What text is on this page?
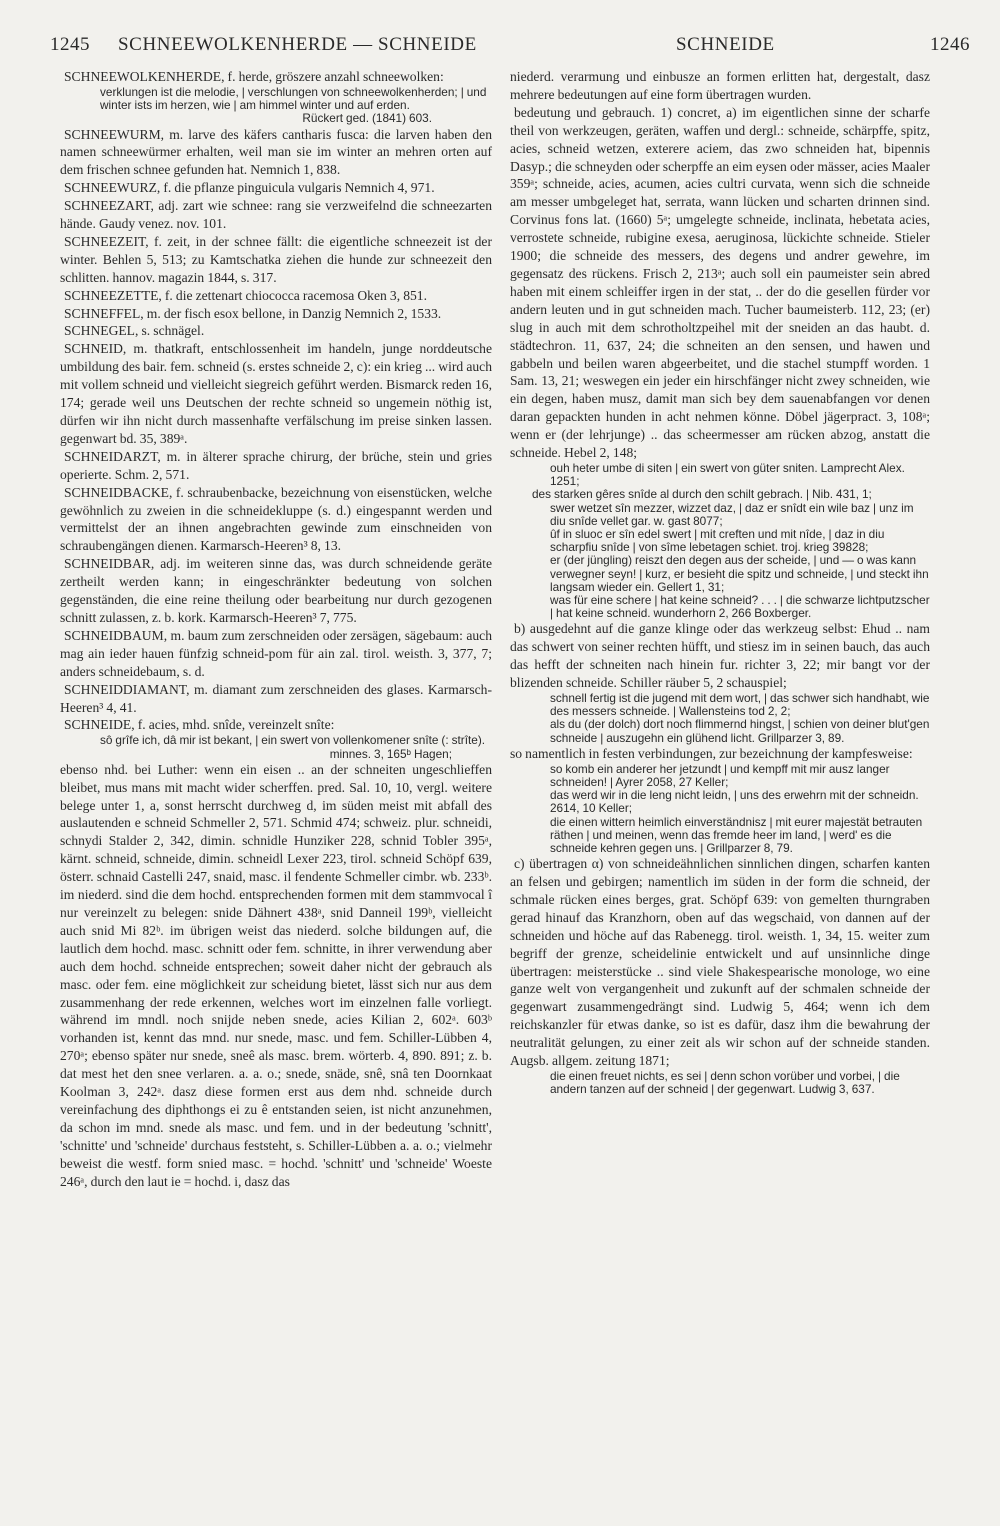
1245 SCHNEEWOLKENHERDE — SCHNEIDE	SCHNEIDE	1246

SCHNEEWOLKENHERDE, f. herde, gröszere anzahl schneewolken:

verklungen ist die melodie, | verschlungen von schneewolkenherden; | und winter ists im herzen, wie | am himmel winter und auf erden.

Rückert ged. (1841) 603.

SCHNEEWURM, m. larve des käfers cantharis fusca: die larven haben den namen schneewürmer erhalten, weil man sie im winter an mehren orten auf dem frischen schnee gefunden hat. Nemnich 1, 838.

SCHNEEWURZ, f. die pflanze pinguicula vulgaris Nemnich 4, 971.

SCHNEEZART, adj. zart wie schnee: rang sie verzweifelnd die schneezarten hände. Gaudy venez. nov. 101.

SCHNEEZEIT, f. zeit, in der schnee fällt: die eigentliche schneezeit ist der winter. Behlen 5, 513; zu Kamtschatka ziehen die hunde zur schneezeit den schlitten. hannov. magazin 1844, s. 317.

SCHNEEZETTE, f. die zettenart chiococca racemosa Oken 3, 851.

SCHNEFFEL, m. der fisch esox bellone, in Danzig Nemnich 2, 1533.

SCHNEGEL, s. schnägel.

SCHNEID, m. thatkraft, entschlossenheit im handeln, junge norddeutsche umbildung des bair. fem. schneid (s. erstes schneide 2, c): ein krieg ... wird auch mit vollem schneid und vielleicht siegreich geführt werden. Bismarck reden 16, 174; gerade weil uns Deutschen der rechte schneid so ungemein nöthig ist, dürfen wir ihn nicht durch massenhafte verfälschung im preise sinken lassen. gegenwart bd. 35, 389ᵃ.

SCHNEIDARZT, m. in älterer sprache chirurg, der brüche, stein und gries operierte. Schm. 2, 571.

SCHNEIDBACKE, f. schraubenbacke, bezeichnung von eisenstücken, welche gewöhnlich zu zweien in die schneidekluppe (s. d.) eingespannt werden und vermittelst der an ihnen angebrachten gewinde zum einschneiden von schraubengängen dienen. Karmarsch-Heeren³ 8, 13.

SCHNEIDBAR, adj. im weiteren sinne das, was durch schneidende geräte zertheilt werden kann; in eingeschränkter bedeutung von solchen gegenständen, die eine reine theilung oder bearbeitung nur durch gezogenen schnitt zulassen, z. b. kork. Karmarsch-Heeren³ 7, 775.

SCHNEIDBAUM, m. baum zum zerschneiden oder zersägen, sägebaum: auch mag ain ieder hauen fünfzig schneid-pom für ain zal. tirol. weisth. 3, 377, 7; anders schneidebaum, s. d.

SCHNEIDDIAMANT, m. diamant zum zerschneiden des glases. Karmarsch-Heeren³ 4, 41.

SCHNEIDE, f. acies, mhd. snîde, vereinzelt snîte:

sô grîfe ich, dâ mir ist bekant, | ein swert von vollenkomener snîte (: strîte).

minnes. 3, 165ᵇ Hagen;

ebenso nhd. bei Luther: wenn ein eisen .. an der schneiten ungeschlieffen bleibet, mus mans mit macht wider scherffen. pred. Sal. 10, 10, vergl. weitere belege unter 1, a, sonst herrscht durchweg d, im süden meist mit abfall des auslautenden e schneid Schmeller 2, 571. Schmid 474; schweiz. plur. schneidi, schnydi Stalder 2, 342, dimin. schnidle Hunziker 228, schnid Tobler 395ᵃ, kärnt. schneid, schneide, dimin. schneidl Lexer 223, tirol. schneid Schöpf 639, österr. schnaid Castelli 247, snaid, masc. il fendente Schmeller cimbr. wb. 233ᵇ. im niederd. sind die dem hochd. entsprechenden formen mit dem stammvocal î nur vereinzelt zu belegen: snide Dähnert 438ᵃ, snid Danneil 199ᵇ, vielleicht auch snid Mi 82ᵇ. im übrigen weist das niederd. solche bildungen auf, die lautlich dem hochd. masc. schnitt oder fem. schnitte, in ihrer verwendung aber auch dem hochd. schneide entsprechen; soweit daher nicht der gebrauch als masc. oder fem. eine möglichkeit zur scheidung bietet, lässt sich nur aus dem zusammenhang der rede erkennen, welches wort im einzelnen falle vorliegt. während im mndl. noch snijde neben snede, acies Kilian 2, 602ᵃ. 603ᵇ vorhanden ist, kennt das mnd. nur snede, masc. und fem. Schiller-Lübben 4, 270ᵃ; ebenso später nur snede, sneê als masc. brem. wörterb. 4, 890. 891; z. b. dat mest het den snee verlaren. a. a. o.; snede, snäde, snê, snâ ten Doornkaat Koolman 3, 242ᵃ. dasz diese formen erst aus dem nhd. schneide durch vereinfachung des diphthongs ei zu ê entstanden seien, ist nicht anzunehmen, da schon im mnd. snede als masc. und fem. und in der bedeutung 'schnitt', 'schnitte' und 'schneide' durchaus feststeht, s. Schiller-Lübben a. a. o.; vielmehr beweist die westf. form snied masc. = hochd. 'schnitt' und 'schneide' Woeste 246ᵃ, durch den laut ie = hochd. i, dasz das

niederd. verarmung und einbusze an formen erlitten hat, dergestalt, dasz mehrere bedeutungen auf eine form übertragen wurden.

bedeutung und gebrauch. 1) concret, a) im eigentlichen sinne der scharfe theil von werkzeugen, geräten, waffen und dergl.: schneide, schärpffe, spitz, acies, schneid wetzen, exterere aciem, das zwo schneiden hat, bipennis Dasyp.; die schneyden oder scherpffe an eim eysen oder mässer, acies Maaler 359ᵃ; schneide, acies, acumen, acies cultri curvata, wenn sich die schneide am messer umbgeleget hat, serrata, wann lücken und scharten drinnen sind. Corvinus fons lat. (1660) 5ᵃ; umgelegte schneide, inclinata, hebetata acies, verrostete schneide, rubigine exesa, aeruginosa, lückichte schneide. Stieler 1900; die schneide des messers, des degens und andrer gewehre, im gegensatz des rückens. Frisch 2, 213ᵃ; auch soll ein paumeister sein abred haben mit einem schleiffer irgen in der stat, .. der do die gesellen fürder vor andern leuten und in gut schneiden mach. Tucher baumeisterb. 112, 23; (er) slug in auch mit dem schrotholtzpeihel mit der sneiden an das haubt. d. städtechron. 11, 637, 24; die schneiten an den sensen, und hawen und gabbeln und beilen waren abgeerbeitet, und die stachel stumpff worden. 1 Sam. 13, 21; weswegen ein jeder ein hirschfänger nicht zwey schneiden, wie ein degen, haben musz, damit man sich bey dem sauenabfangen vor denen daran gepackten hunden in acht nehmen könne. Döbel jägerpract. 3, 108ᵃ; wenn er (der lehrjunge) .. das scheermesser am rücken abzog, anstatt die schneide. Hebel 2, 148;

ouh heter umbe di siten | ein swert von güter sniten. Lamprecht Alex. 1251;

des starken gêres snîde al durch den schilt gebrach. | Nib. 431, 1;

swer wetzet sîn mezzer, wizzet daz, | daz er snîdt ein wile baz | unz im diu snîde vellet gar. w. gast 8077;

ûf in sluoc er sîn edel swert | mit creften und mit nîde, | daz in diu scharpfiu snîde | von sîme lebetagen schiet. troj. krieg 39828;

er (der jüngling) reiszt den degen aus der scheide, | und — o was kann verwegner seyn! | kurz, er besieht die spitz und schneide, | und steckt ihn langsam wieder ein. Gellert 1, 31;

was für eine schere | hat keine schneid? . . . | die schwarze lichtputzscher | hat keine schneid. wunderhorn 2, 266 Boxberger.

b) ausgedehnt auf die ganze klinge oder das werkzeug selbst: Ehud .. nam das schwert von seiner rechten hüfft, und stiesz im in seinen bauch, das auch das hefft der schneiten nach hinein fur. richter 3, 22; mir bangt vor der blizenden schneide. Schiller räuber 5, 2 schauspiel;

schnell fertig ist die jugend mit dem wort, | das schwer sich handhabt, wie des messers schneide. | Wallensteins tod 2, 2;

als du (der dolch) dort noch flimmernd hingst, | schien von deiner blut'gen schneide | auszugehn ein glühend licht. Grillparzer 3, 89.

so namentlich in festen verbindungen, zur bezeichnung der kampfesweise:

so komb ein anderer her jetzundt | und kempff mit mir ausz langer schneiden! | Ayrer 2058, 27 Keller;

das werd wir in die leng nicht leidn, | uns des erwehrn mit der schneidn. 2614, 10 Keller;

die einen wittern heimlich einverständnisz | mit eurer majestät betrauten räthen | und meinen, wenn das fremde heer im land, | werd' es die schneide kehren gegen uns. | Grillparzer 8, 79.

c) übertragen α) von schneideähnlichen sinnlichen dingen, scharfen kanten an felsen und gebirgen; namentlich im süden in der form die schneid, der schmale rücken eines berges, grat. Schöpf 639: von gemelten thurngraben gerad hinauf das Kranzhorn, oben auf das wegschaid, von dannen auf der schneiden und höche auf das Rabenegg. tirol. weisth. 1, 34, 15. weiter zum begriff der grenze, scheidelinie entwickelt und auf unsinnliche dinge übertragen: meisterstücke .. sind viele Shakespearische monologe, wo eine ganze welt von vergangenheit und zukunft auf der schmalen schneide der gegenwart zusammengedrängt sind. Ludwig 5, 464; wenn ich dem reichskanzler für etwas danke, so ist es dafür, dasz ihm die bewahrung der neutralität gelungen, zu einer zeit als wir schon auf der schneide standen. Augsb. allgem. zeitung 1871;

die einen freuet nichts, es sei | denn schon vorüber und vorbei, | die andern tanzen auf der schneid | der gegenwart. Ludwig 3, 637.
